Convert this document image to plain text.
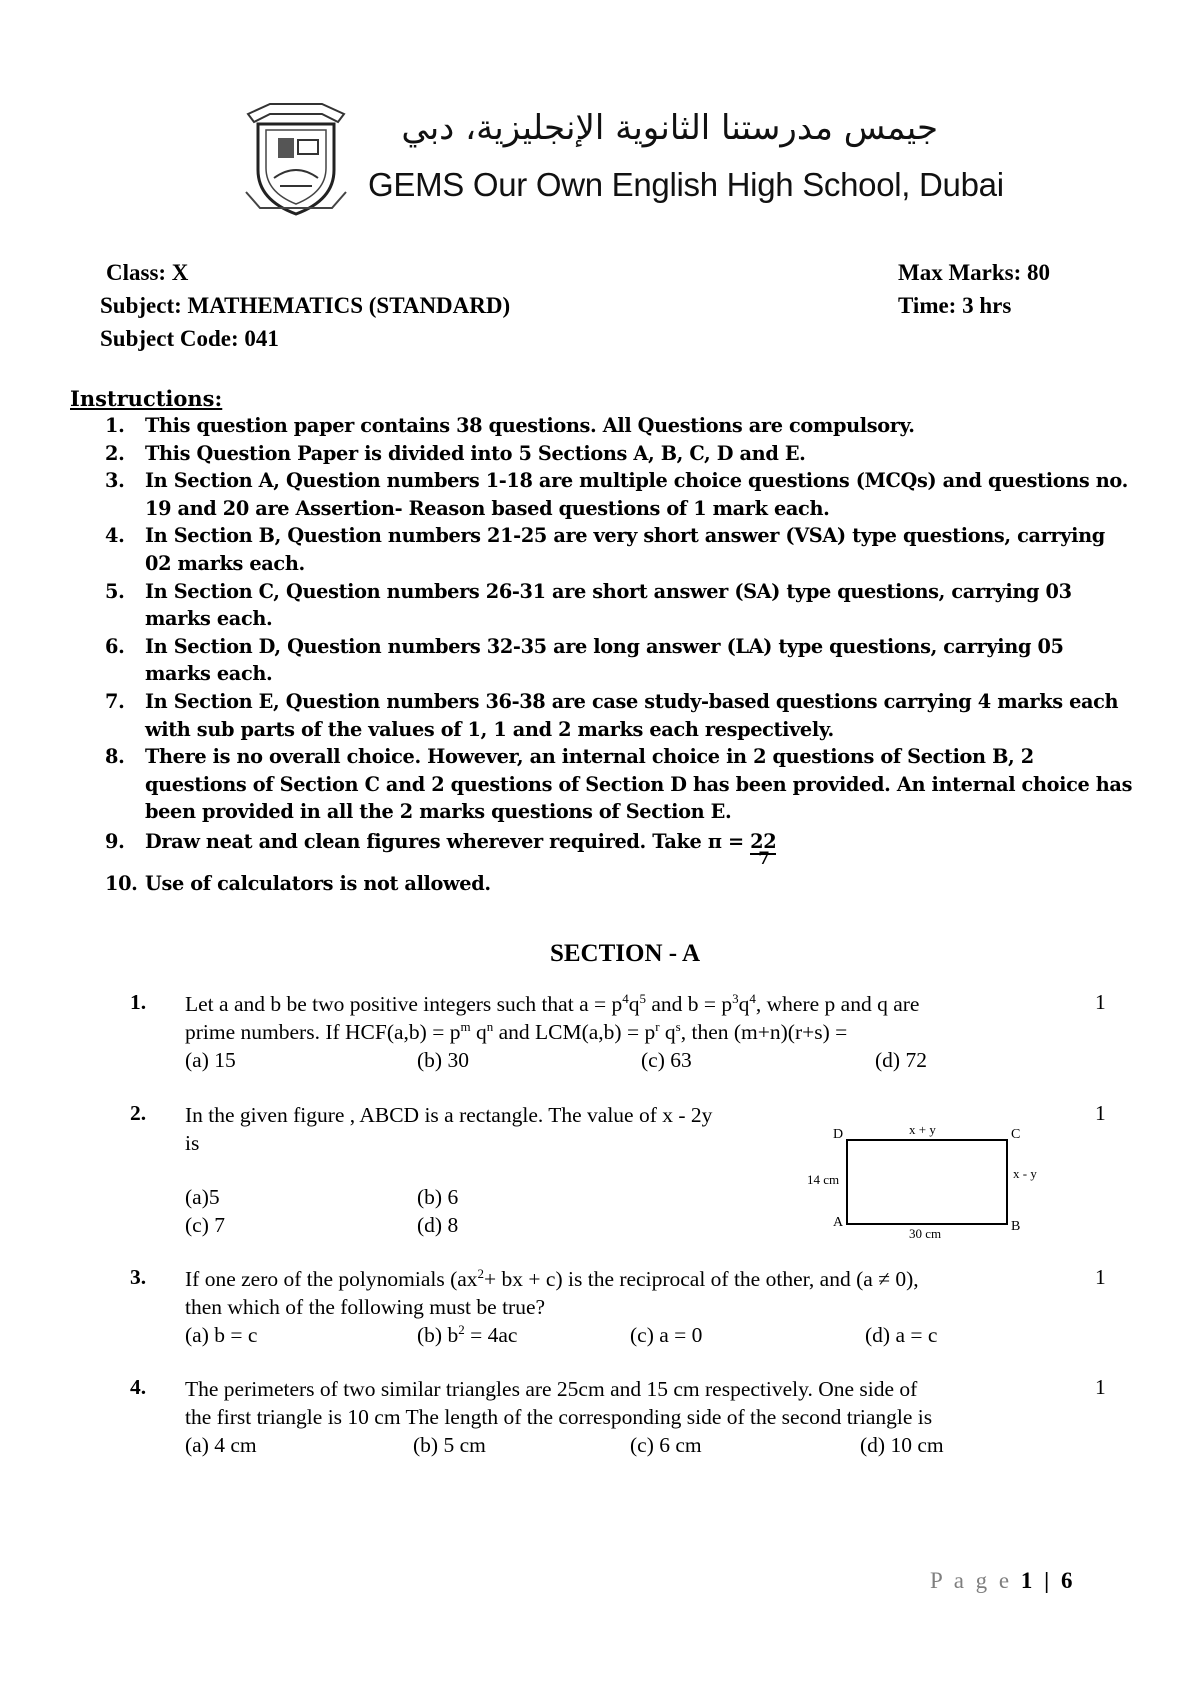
جيمس مدرستنا الثانوية الإنجليزية، دبي
GEMS Our Own English High School, Dubai
Class: X
Subject: MATHEMATICS (STANDARD)
Subject Code: 041
Max Marks: 80
Time: 3 hrs
Instructions:
1.	This question paper contains 38 questions. All Questions are compulsory.
2.	This Question Paper is divided into 5 Sections A, B, C, D and E.
3.	In Section A, Question numbers 1-18 are multiple choice questions (MCQs) and questions no. 19 and 20 are Assertion- Reason based questions of 1 mark each.
4.	In Section B, Question numbers 21-25 are very short answer (VSA) type questions, carrying 02 marks each.
5.	In Section C, Question numbers 26-31 are short answer (SA) type questions, carrying 03 marks each.
6.	In Section D, Question numbers 32-35 are long answer (LA) type questions, carrying 05 marks each.
7.	In Section E, Question numbers 36-38 are case study-based questions carrying 4 marks each with sub parts of the values of 1, 1 and 2 marks each respectively.
8.	There is no overall choice. However, an internal choice in 2 questions of Section B, 2 questions of Section C and 2 questions of Section D has been provided. An internal choice has been provided in all the 2 marks questions of Section E.
9.	Draw neat and clean figures wherever required. Take π = 22
7
10. Use of calculators is not allowed.
SECTION - A
1. Let a and b be two positive integers such that $a = p^4q^5$ and $b = p^3q^4$, where p and q are
prime numbers. If $HCF(a,b) = p^m$ $q^n$ and $LCM(a,b) = p^r$ $q^s$, then (m+n)(r+s) =
(a) 15	(b) 30	(c) 63	(d) 72
1
2. In the given figure , ABCD is a rectangle. The value of x - 2y
is
(a)5	(b) 6
(c) 7	(d) 8
1
D	C
A	B
x + y
x - y
14 cm
30 cm
3. If one zero of the polynomials ($ax^2+$ bx + c) is the reciprocal of the other, and (a ≠ 0),
then which of the following must be true?
(a) b = c	(b) $b^2 = 4ac$	(c) a = 0	(d) a = c
1
4. The perimeters of two similar triangles are 25cm and 15 cm respectively. One side of
the first triangle is 10 cm The length of the corresponding side of the second triangle is
(a) 4 cm	(b) 5 cm	(c) 6 cm	(d) 10 cm
1
P a g e 1 | 6
